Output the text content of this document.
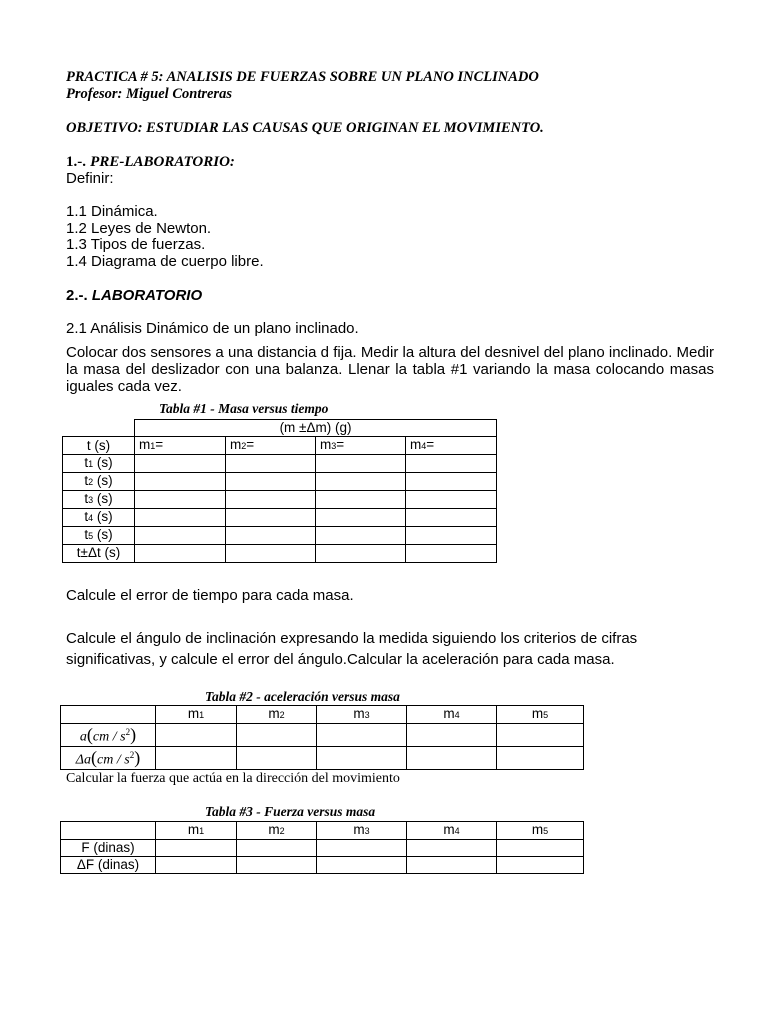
PRACTICA # 5: ANALISIS DE FUERZAS SOBRE UN PLANO INCLINADO
Profesor: Miguel Contreras
OBJETIVO: ESTUDIAR LAS CAUSAS QUE ORIGINAN EL MOVIMIENTO.
1.-. PRE-LABORATORIO:
Definir:
1.1 Dinámica.
1.2 Leyes de Newton.
1.3 Tipos de fuerzas.
1.4 Diagrama de cuerpo libre.
2.-. LABORATORIO
2.1 Análisis Dinámico de un plano inclinado.
Colocar dos sensores a una distancia d fija. Medir la altura del desnivel del plano inclinado. Medir la masa del deslizador con una balanza. Llenar la tabla #1 variando la masa colocando masas iguales cada vez.
Tabla #1 - Masa versus tiempo
	(m ±Δm) (g)			
t (s)	m1=	m2=	m3=	m4=
t1 (s)				
t2 (s)				
t3 (s)				
t4 (s)				
t5 (s)				
t±Δt (s)				
Calcule el error de tiempo para cada masa.
Calcule el ángulo de inclinación expresando la medida siguiendo los criterios de cifras significativas, y calcule el error del ángulo.Calcular la aceleración para cada masa.
Tabla #2 - aceleración versus masa
	m1	m2	m3	m4	m5
$a(cm / s^2)$					
$\Delta a(cm / s^2)$					
Calcular la fuerza que actúa en la dirección del movimiento
Tabla #3 - Fuerza versus masa
	m1	m2	m3	m4	m5
F (dinas)					
ΔF (dinas)					
